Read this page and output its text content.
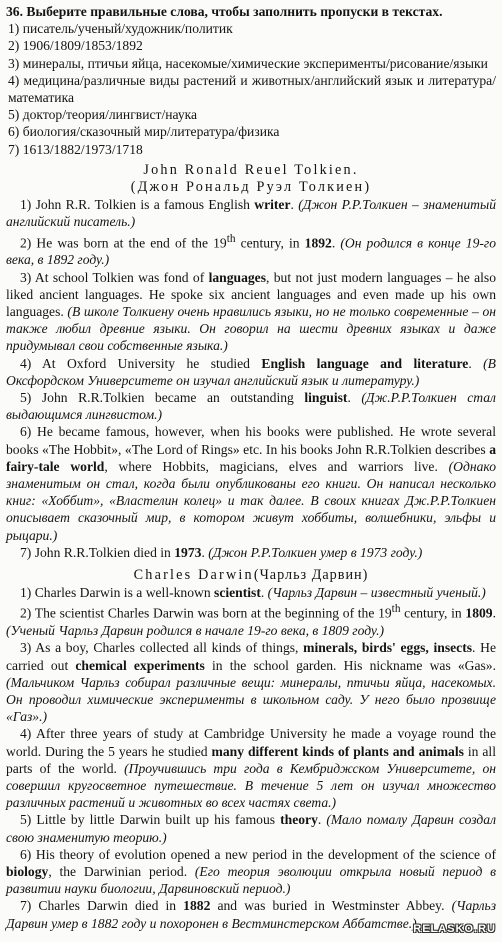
36. Выберите правильные слова, чтобы заполнить пропуски в текстах.

1) писатель/ученый/художник/политик

2) 1906/1809/1853/1892

3) минералы, птичьи яйца, насекомые/химические эксперименты/рисование/языки

4) медицина/различные виды растений и животных/английский язык и литература/математика

5) доктор/теория/лингвист/наука

6) биология/сказочный мир/литература/физика

7) 1613/1882/1973/1718

John Ronald Reuel Tolkien.
(Джон Рональд Руэл Толкиен)

1) John R.R. Tolkien is a famous English writer. (Джон Р.Р.Толкиен – знаменитый английский писатель.)

2) He was born at the end of the 19th century, in 1892. (Он родился в конце 19-го века, в 1892 году.)

3) At school Tolkien was fond of languages, but not just modern languages – he also liked ancient languages. He spoke six ancient languages and even made up his own languages. (В школе Толкиену очень нравились языки, но не только современные – он также любил древние языки. Он говорил на шести древних языках и даже придумывал свои собственные языка.)

4) At Oxford University he studied English language and literature. (В Оксфордском Университете он изучал английский язык и литературу.)

5) John R.R.Tolkien became an outstanding linguist. (Дж.Р.Р.Толкиен стал выдающимся лингвистом.)

6) He became famous, however, when his books were published. He wrote several books «The Hobbit», «The Lord of Rings» etc. In his books John R.R.Tolkien describes a fairy-tale world, where Hobbits, magicians, elves and warriors live. (Однако знаменитым он стал, когда были опубликованы его книги. Он написал несколько книг: «Хоббит», «Властелин колец» и так далее. В своих книгах Дж.Р.Р.Толкиен описывает сказочный мир, в котором живут хоббиты, волшебники, эльфы и рыцари.)

7) John R.R.Tolkien died in 1973. (Джон Р.Р.Толкиен умер в 1973 году.)

Charles Darwin(Чарльз Дарвин)

1) Charles Darwin is a well-known scientist. (Чарльз Дарвин – известный ученый.)

2) The scientist Charles Darwin was born at the beginning of the 19th century, in 1809. (Ученый Чарльз Дарвин родился в начале 19-го века, в 1809 году.)

3) As a boy, Charles collected all kinds of things, minerals, birds' eggs, insects. He carried out chemical experiments in the school garden. His nickname was «Gas». (Мальчиком Чарльз собирал различные вещи: минералы, птичьи яйца, насекомых. Он проводил химические эксперименты в школьном саду. У него было прозвище «Газ».)

4) After three years of study at Cambridge University he made a voyage round the world. During the 5 years he studied many different kinds of plants and animals in all parts of the world. (Проучившись три года в Кембриджском Университете, он совершил кругосветное путешествие. В течение 5 лет он изучал множество различных растений и животных во всех частях света.)

5) Little by little Darwin built up his famous theory. (Мало помалу Дарвин создал свою знаменитую теорию.)

6) His theory of evolution opened a new period in the development of the science of biology, the Darwinian period. (Его теория эволюции открыла новый период в развитии науки биологии, Дарвиновский период.)

7) Charles Darwin died in 1882 and was buried in Westminster Abbey. (Чарльз Дарвин умер в 1882 году и похоронен в Вестминстерском Аббатстве.)

RELASKO.RU
